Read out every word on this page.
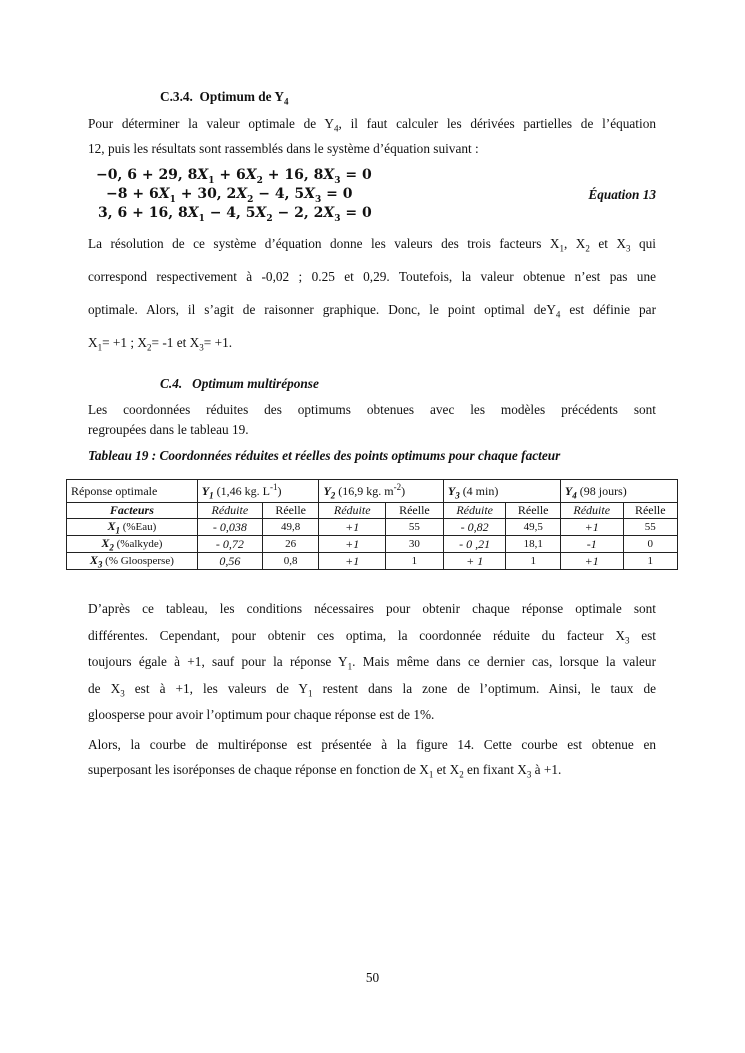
C.3.4. Optimum de $Y_4$
Pour déterminer la valeur optimale de $Y_4$, il faut calculer les dérivées partielles de l’équation
12, puis les résultats sont rassemblés dans le système d’équation suivant :
−0, 6 + 29, $8X_1 + 6X_2 + 16$, $8X_3 = 0$
$-8 + 6X_1 + 30$, $2X_2 - 4$, $5X_3 = 0$
3, 6 + 16, $8X_1 - 4$, $5X_2 - 2$, $2X_3 = 0$
Équation 13
La résolution de ce système d’équation donne les valeurs des trois facteurs $X_1$, $X_2$ et $X_3$ qui
correspond respectivement à -0,02 ; 0.25 et 0,29. Toutefois, la valeur obtenue n’est pas une
optimale. Alors, il s’agit de raisonner graphique. Donc, le point optimal deY$_4$ est définie par
$X_1= +1$ ; $X_2= -1$ et $X_3= +1$.
C.4. Optimum multiréponse
Les coordonnées réduites des optimums obtenues avec les modèles précédents sont
regroupées dans le tableau 19.
Tableau 19 : Coordonnées réduites et réelles des points optimums pour chaque facteur
Réponse optimale	$Y_1$ (1,46 kg. $L^{-1}$)		$Y_2$ (16,9 kg. $m^{-2}$)		$Y_3$ (4 min)		$Y_4$ (98 jours)	
Facteurs	Réduite	Réelle	Réduite	Réelle	Réduite	Réelle	Réduite	Réelle
$X_1$ (%Eau)	- 0,038	49,8	+1	55	- 0,82	49,5	+1	55
$X_2$ (%alkyde)	- 0,72	26	+1	30	- 0 ,21	18,1	-1	0
$X_3$ (% Gloosperse)	0,56	0,8	+1	1	+ 1	1	+1	1
D’après ce tableau, les conditions nécessaires pour obtenir chaque réponse optimale sont
différentes. Cependant, pour obtenir ces optima, la coordonnée réduite du facteur $X_3$ est
toujours égale à +1, sauf pour la réponse $Y_1$. Mais même dans ce dernier cas, lorsque la valeur
de $X_3$ est à +1, les valeurs de $Y_1$ restent dans la zone de l’optimum. Ainsi, le taux de
gloosperse pour avoir l’optimum pour chaque réponse est de 1%.
Alors, la courbe de multiréponse est présentée à la figure 14. Cette courbe est obtenue en
superposant les isoréponses de chaque réponse en fonction de $X_1$ et $X_2$ en fixant $X_3$ à +1.
50
